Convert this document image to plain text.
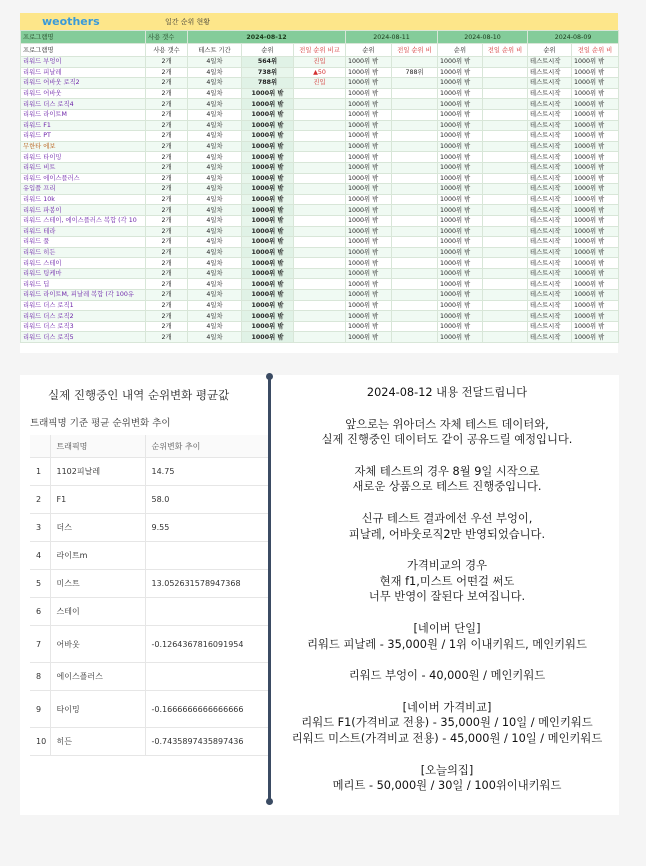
weothers	일간 순위 현황
프로그램명	사용 갯수	2024-08-12			2024-08-11		2024-08-10		2024-08-09	
프로그램명	사용 갯수	테스트 기간	순위	전일 순위 비교	순위	전일 순위 비	순위	전일 순위 비	순위	전일 순위 비
리워드 부엉이	2개	4일차	564위	진입	1000위 밖		1000위 밖		테스트시작	1000위 밖
리워드 피날레	2개	4일차	738위	▲50	1000위 밖	788위	1000위 밖		테스트시작	1000위 밖
리워드 어바웃 로직2	2개	4일차	788위	진입	1000위 밖		1000위 밖		테스트시작	1000위 밖
리워드 어바웃	2개	4일차	1000위 밖		1000위 밖		1000위 밖		테스트시작	1000위 밖
리워드 더스 로직4	2개	4일차	1000위 밖		1000위 밖		1000위 밖		테스트시작	1000위 밖
리워드 라이트M	2개	4일차	1000위 밖		1000위 밖		1000위 밖		테스트시작	1000위 밖
리워드 F1	2개	4일차	1000위 밖		1000위 밖		1000위 밖		테스트시작	1000위 밖
리워드 PT	2개	4일차	1000위 밖		1000위 밖		1000위 밖		테스트시작	1000위 밖
무한타 에보	2개	4일차	1000위 밖		1000위 밖		1000위 밖		테스트시작	1000위 밖
리워드 타이밍	2개	4일차	1000위 밖		1000위 밖		1000위 밖		테스트시작	1000위 밖
리워드 비트	2개	4일차	1000위 밖		1000위 밖		1000위 밖		테스트시작	1000위 밖
리워드 에이스플러스	2개	4일차	1000위 밖		1000위 밖		1000위 밖		테스트시작	1000위 밖
유입플 프리	2개	4일차	1000위 밖		1000위 밖		1000위 밖		테스트시작	1000위 밖
리워드 10k	2개	4일차	1000위 밖		1000위 밖		1000위 밖		테스트시작	1000위 밖
리워드 파봉이	2개	4일차	1000위 밖		1000위 밖		1000위 밖		테스트시작	1000위 밖
리워드 스테이, 에이스플러스 복합 (각 10	2개	4일차	1000위 밖		1000위 밖		1000위 밖		테스트시작	1000위 밖
리워드 테라	2개	4일차	1000위 밖		1000위 밖		1000위 밖		테스트시작	1000위 밖
리워드 풀	2개	4일차	1000위 밖		1000위 밖		1000위 밖		테스트시작	1000위 밖
리워드 히든	2개	4일차	1000위 밖		1000위 밖		1000위 밖		테스트시작	1000위 밖
리워드 스테이	2개	4일차	1000위 밖		1000위 밖		1000위 밖		테스트시작	1000위 밖
리워드 팅케마	2개	4일차	1000위 밖		1000위 밖		1000위 밖		테스트시작	1000위 밖
리워드 딥	2개	4일차	1000위 밖		1000위 밖		1000위 밖		테스트시작	1000위 밖
리워드 라이트M, 피날레 복합 (각 100유	2개	4일차	1000위 밖		1000위 밖		1000위 밖		테스트시작	1000위 밖
리워드 더스 로직1	2개	4일차	1000위 밖		1000위 밖		1000위 밖		테스트시작	1000위 밖
리워드 더스 로직2	2개	4일차	1000위 밖		1000위 밖		1000위 밖		테스트시작	1000위 밖
리워드 더스 로직3	2개	4일차	1000위 밖		1000위 밖		1000위 밖		테스트시작	1000위 밖
리워드 더스 로직5	2개	4일차	1000위 밖		1000위 밖		1000위 밖		테스트시작	1000위 밖
실제 진행중인 내역 순위변화 평균값
트래픽명 기준 평균 순위변화 추이
	트래픽명	순위변화 추이
1	1102피날레	14.75
2	F1	58.0
3	더스	9.55
4	라이트m	
5	미스트	13.052631578947368
6	스테이	
7	어바웃	-0.1264367816091954
8	에이스플러스	
9	타이밍	-0.1666666666666666
10	히든	-0.7435897435897436

2024-08-12 내용 전달드립니다

앞으로는 위아더스 자체 테스트 데이터와,

실제 진행중인 데이터도 같이 공유드릴 예정입니다.

자체 테스트의 경우 8월 9일 시작으로

새로운 상품으로 테스트 진행중입니다.

신규 테스트 결과에선 우선 부엉이,

피날레, 어바웃로직2만 반영되었습니다.

가격비교의 경우

현재 f1,미스트 어떤걸 써도

너무 반영이 잘된다 보여집니다.

[네이버 단일]

리워드 피날레 - 35,000원 / 1위 이내키워드, 메인키워드

리워드 부엉이 - 40,000원 / 메인키워드

[네이버 가격비교]

리워드 F1(가격비교 전용) - 35,000원 / 10일 / 메인키워드

리워드 미스트(가격비교 전용) - 45,000원 / 10일 / 메인키워드

[오늘의집]

메리트 - 50,000원 / 30일 / 100위이내키워드
